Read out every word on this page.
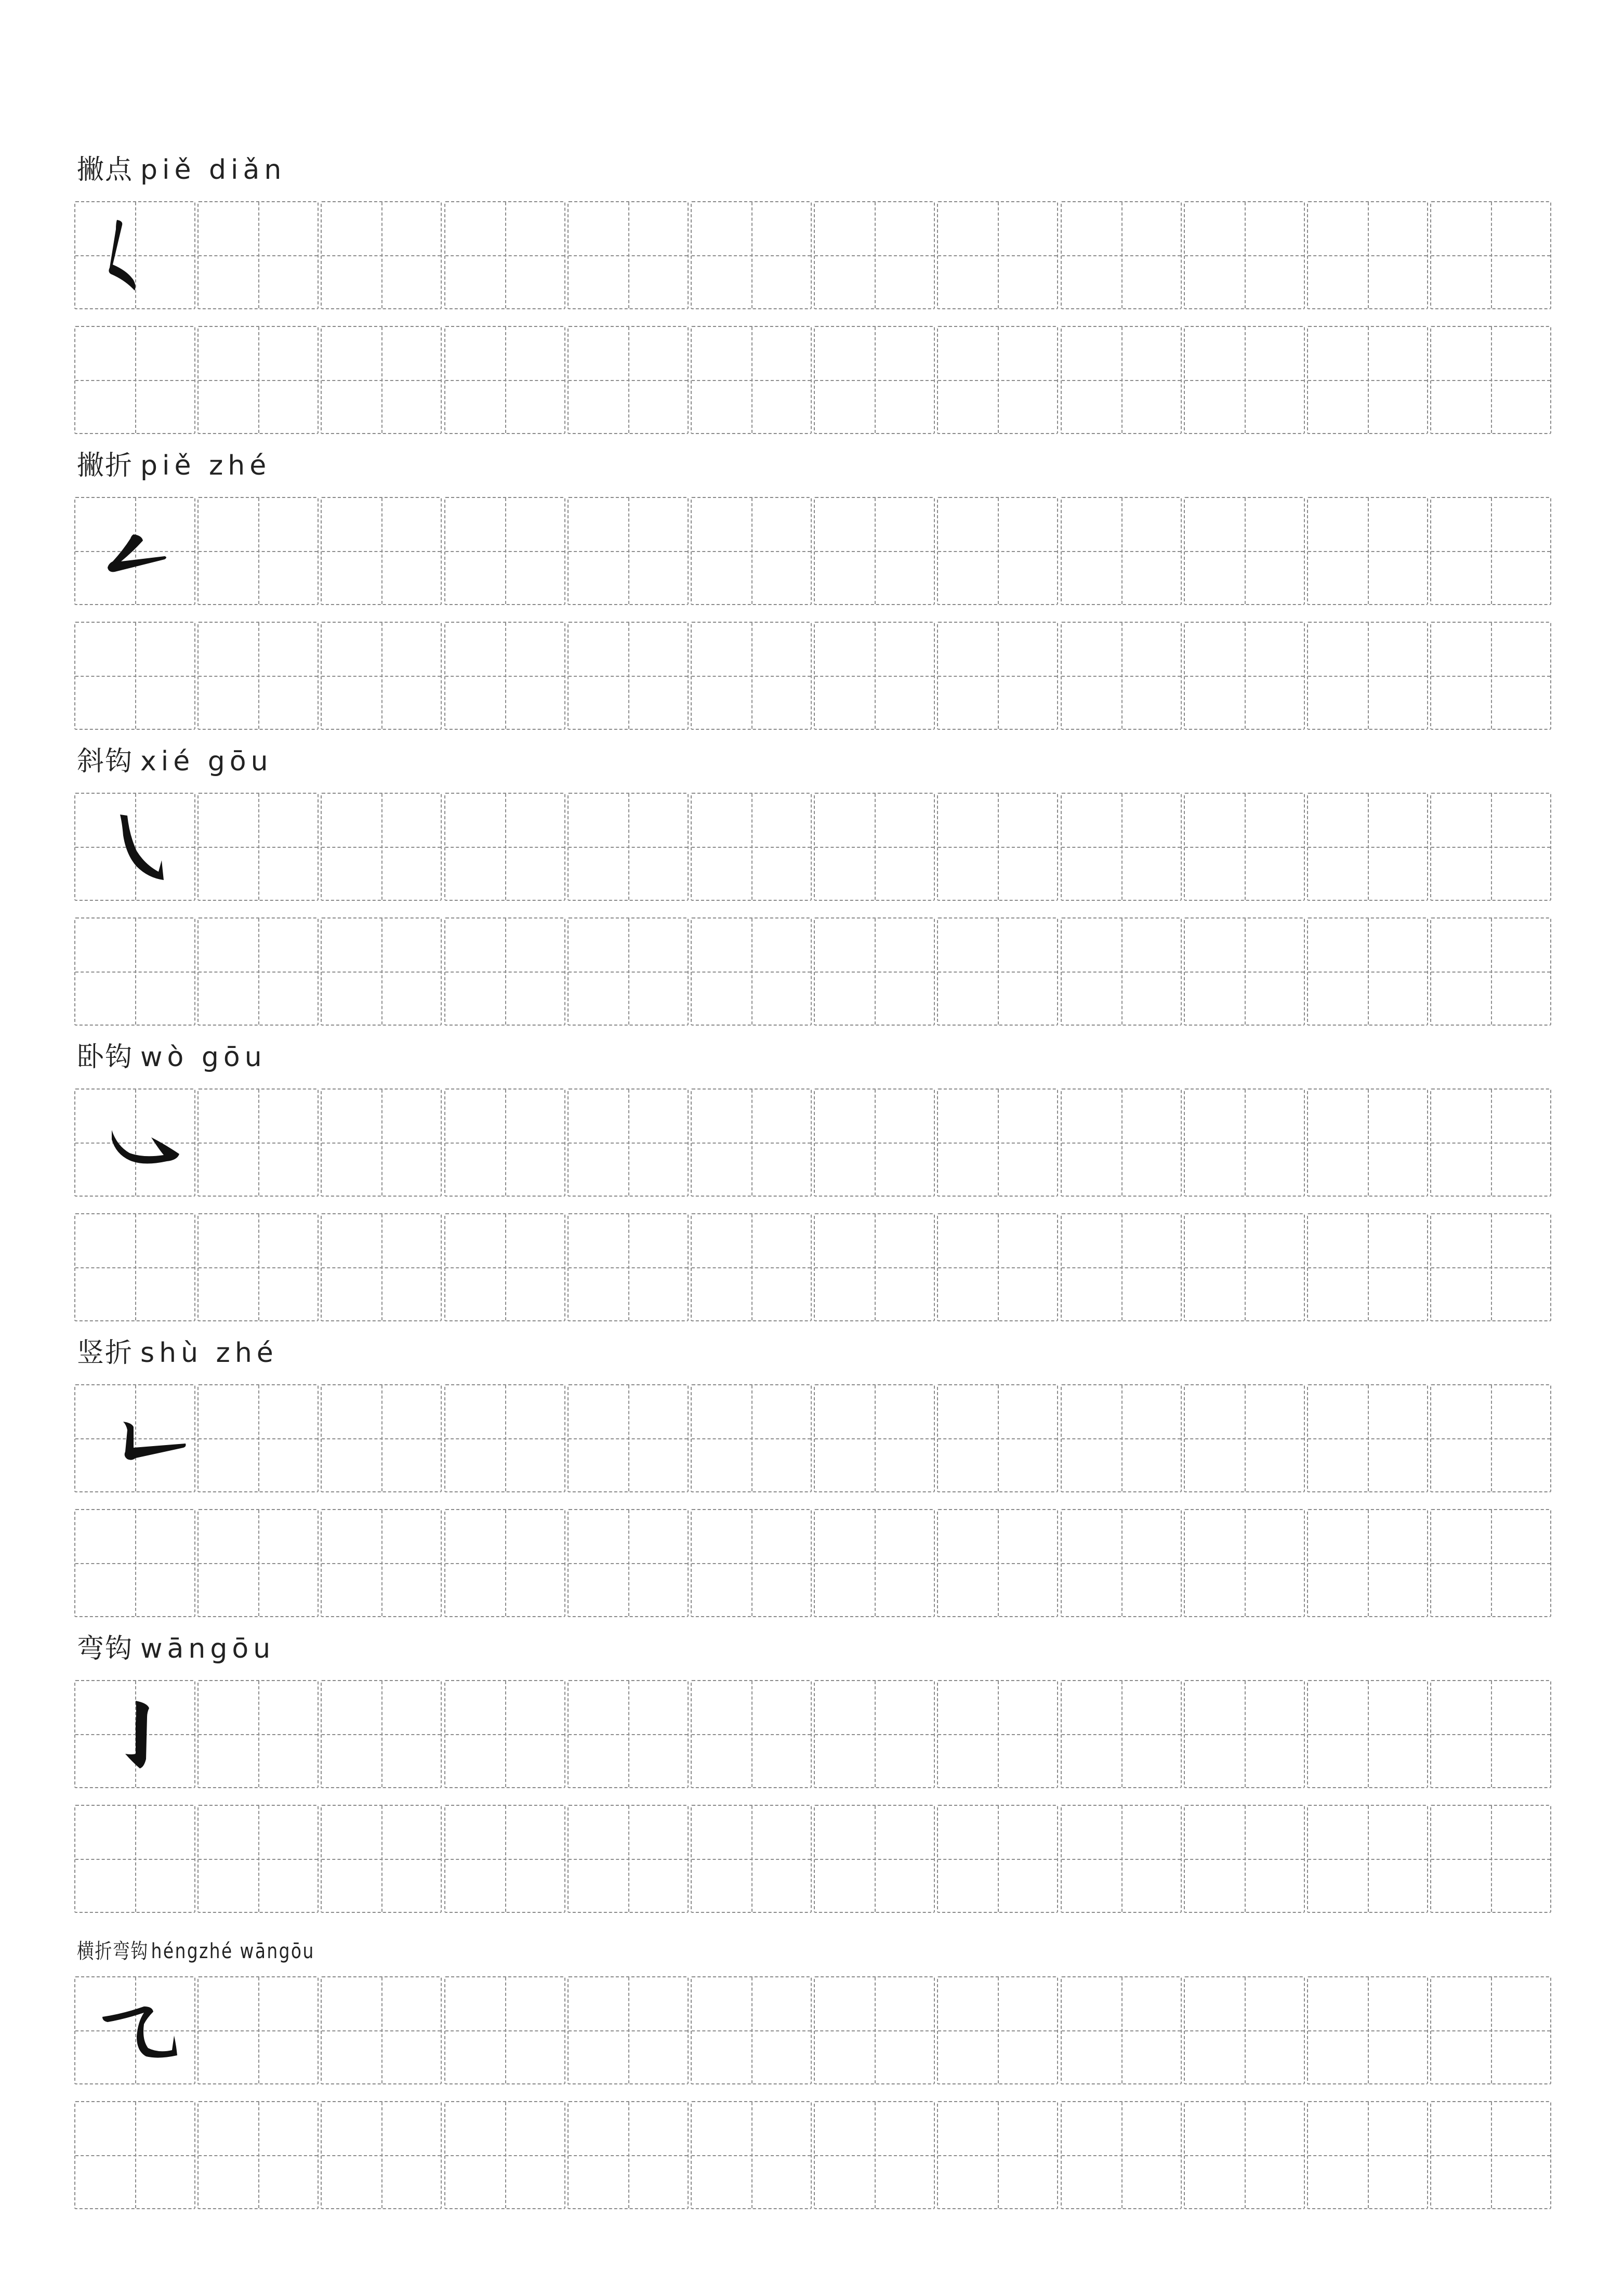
撇点 piě diǎn
撇折 piě zhé
斜钩 xié gōu
卧钩 wò gōu
竖折 shù zhé
弯钩 wāngōu
横折弯钩 héngzhé wāngōu
